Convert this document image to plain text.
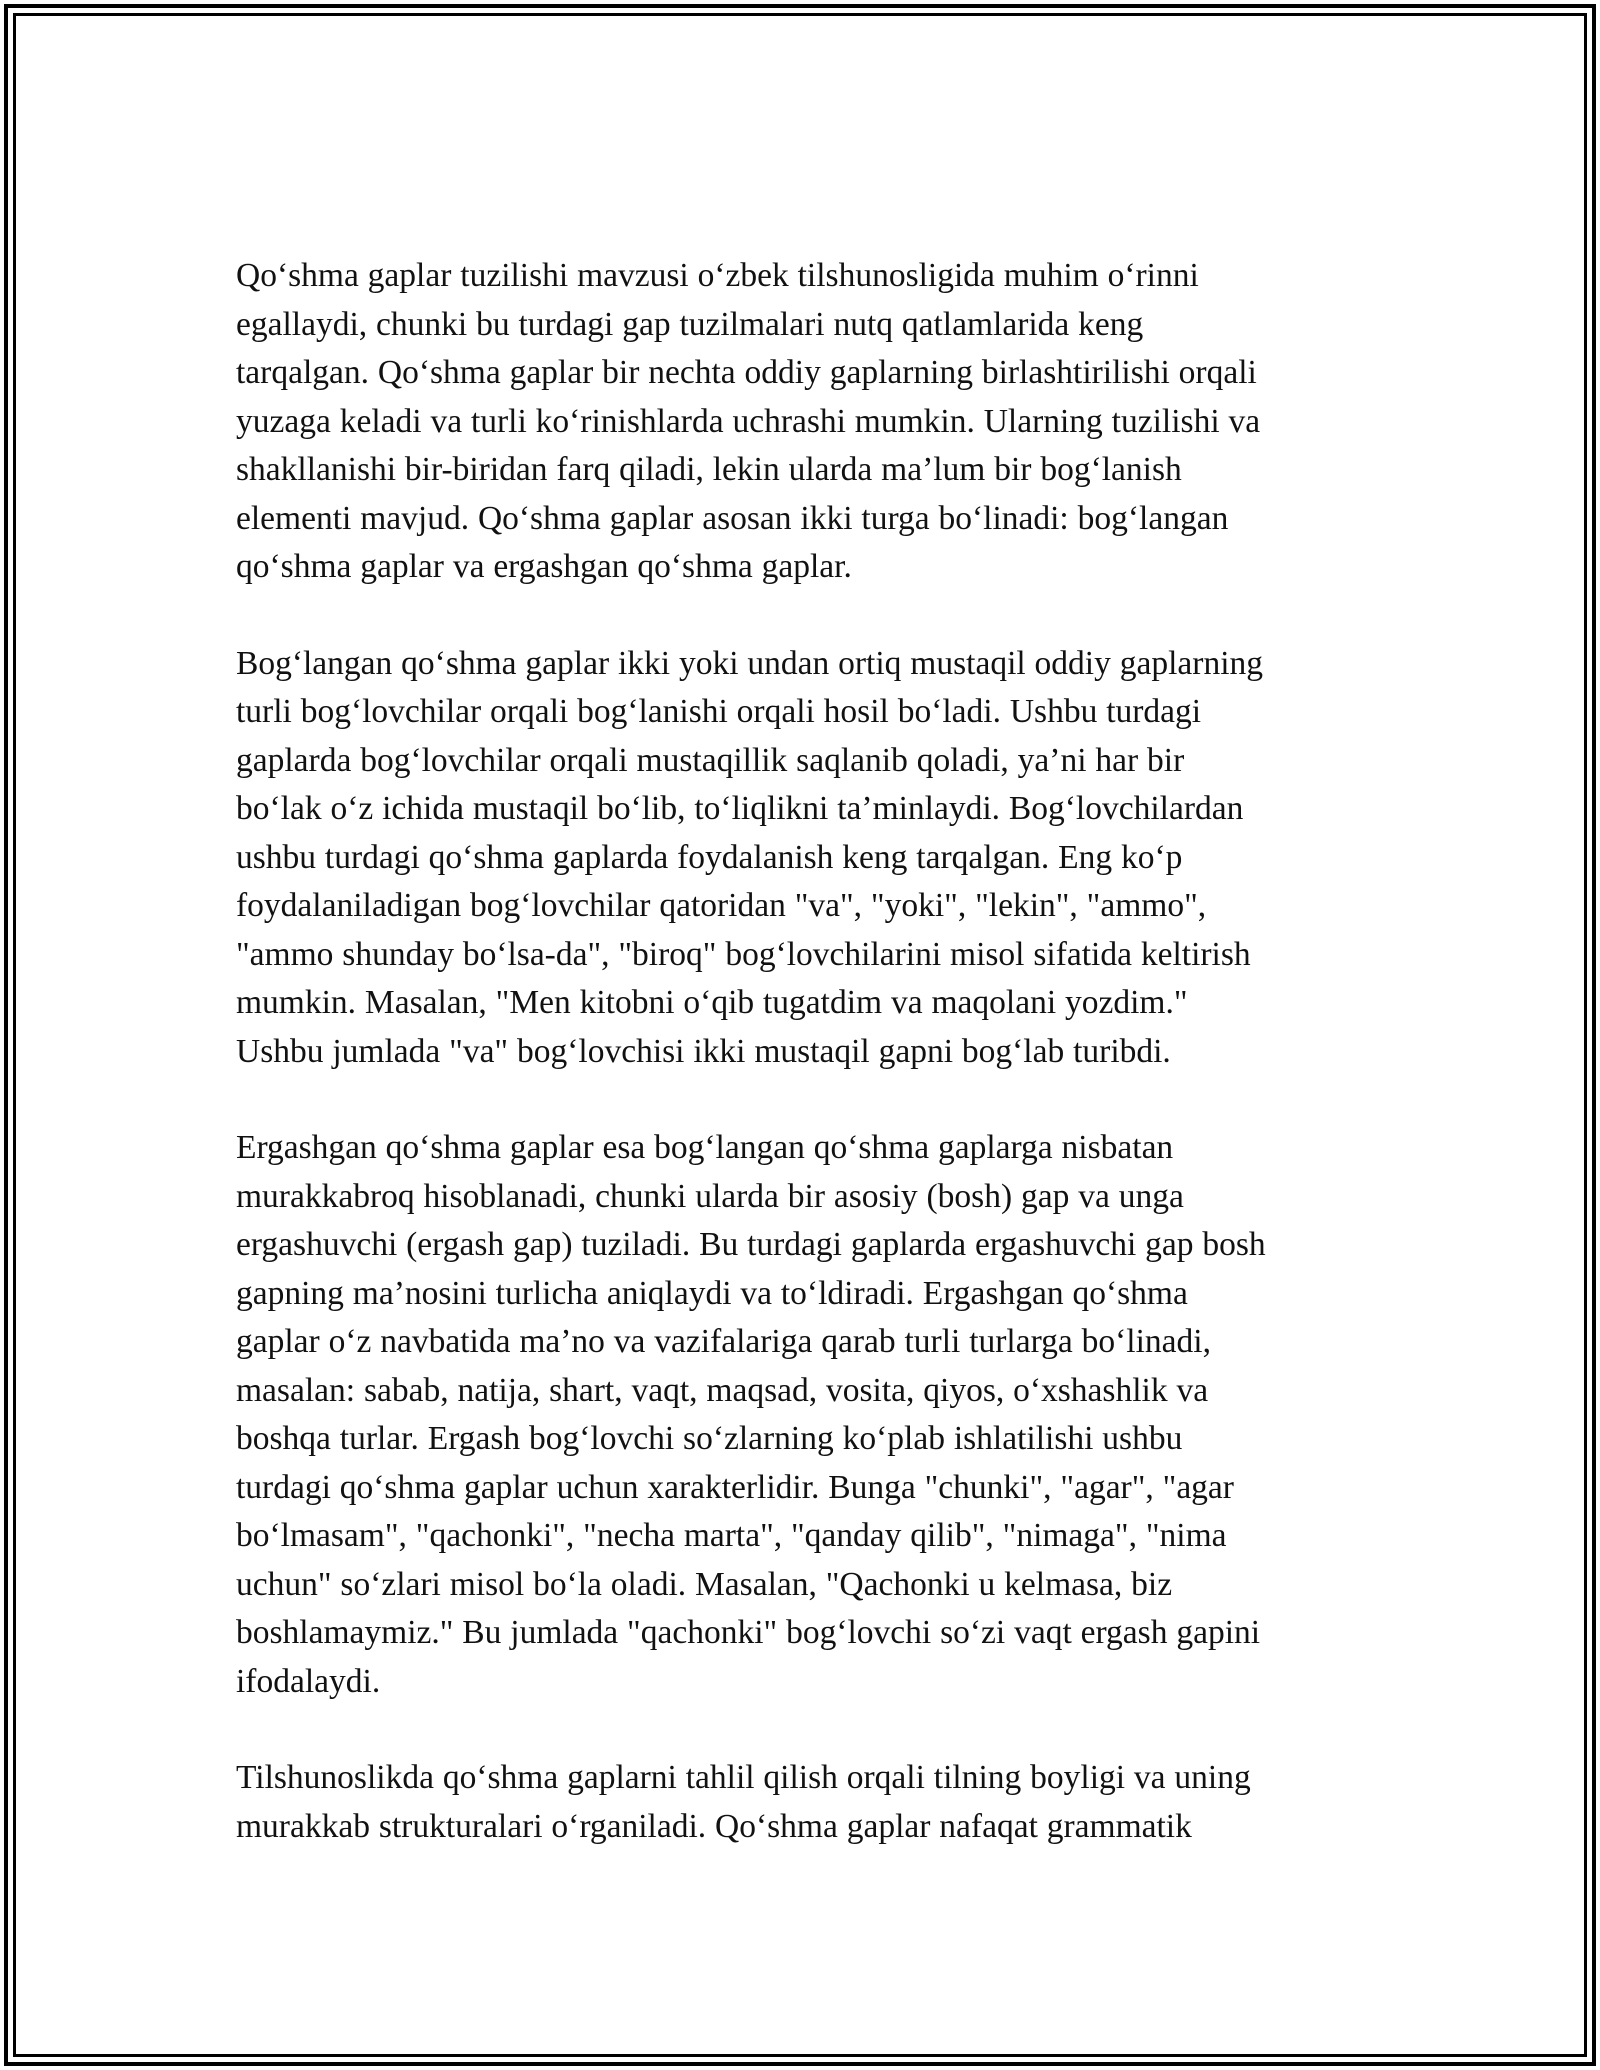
Qo‘shma gaplar tuzilishi mavzusi o‘zbek tilshunosligida muhim o‘rinni
egallaydi, chunki bu turdagi gap tuzilmalari nutq qatlamlarida keng
tarqalgan. Qo‘shma gaplar bir nechta oddiy gaplarning birlashtirilishi orqali
yuzaga keladi va turli ko‘rinishlarda uchrashi mumkin. Ularning tuzilishi va
shakllanishi bir-biridan farq qiladi, lekin ularda ma’lum bir bog‘lanish
elementi mavjud. Qo‘shma gaplar asosan ikki turga bo‘linadi: bog‘langan
qo‘shma gaplar va ergashgan qo‘shma gaplar.

Bog‘langan qo‘shma gaplar ikki yoki undan ortiq mustaqil oddiy gaplarning
turli bog‘lovchilar orqali bog‘lanishi orqali hosil bo‘ladi. Ushbu turdagi
gaplarda bog‘lovchilar orqali mustaqillik saqlanib qoladi, ya’ni har bir
bo‘lak o‘z ichida mustaqil bo‘lib, to‘liqlikni ta’minlaydi. Bog‘lovchilardan
ushbu turdagi qo‘shma gaplarda foydalanish keng tarqalgan. Eng ko‘p
foydalaniladigan bog‘lovchilar qatoridan "va", "yoki", "lekin", "ammo",
"ammo shunday bo‘lsa-da", "biroq" bog‘lovchilarini misol sifatida keltirish
mumkin. Masalan, "Men kitobni o‘qib tugatdim va maqolani yozdim."
Ushbu jumlada "va" bog‘lovchisi ikki mustaqil gapni bog‘lab turibdi.

Ergashgan qo‘shma gaplar esa bog‘langan qo‘shma gaplarga nisbatan
murakkabroq hisoblanadi, chunki ularda bir asosiy (bosh) gap va unga
ergashuvchi (ergash gap) tuziladi. Bu turdagi gaplarda ergashuvchi gap bosh
gapning ma’nosini turlicha aniqlaydi va to‘ldiradi. Ergashgan qo‘shma
gaplar o‘z navbatida ma’no va vazifalariga qarab turli turlarga bo‘linadi,
masalan: sabab, natija, shart, vaqt, maqsad, vosita, qiyos, o‘xshashlik va
boshqa turlar. Ergash bog‘lovchi so‘zlarning ko‘plab ishlatilishi ushbu
turdagi qo‘shma gaplar uchun xarakterlidir. Bunga "chunki", "agar", "agar
bo‘lmasam", "qachonki", "necha marta", "qanday qilib", "nimaga", "nima
uchun" so‘zlari misol bo‘la oladi. Masalan, "Qachonki u kelmasa, biz
boshlamaymiz." Bu jumlada "qachonki" bog‘lovchi so‘zi vaqt ergash gapini
ifodalaydi.

Tilshunoslikda qo‘shma gaplarni tahlil qilish orqali tilning boyligi va uning
murakkab strukturalari o‘rganiladi. Qo‘shma gaplar nafaqat grammatik
